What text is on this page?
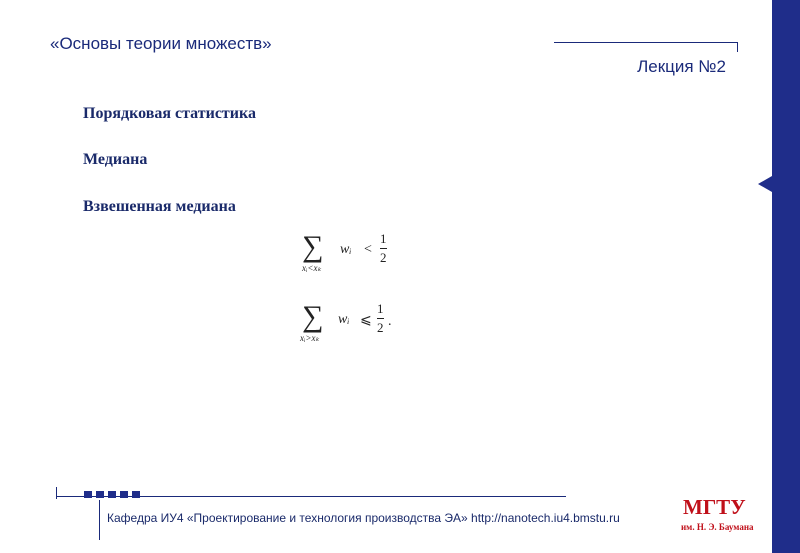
«Основы теории множеств»
Лекция №2
Порядковая статистика
Медиана
Взвешенная медиана
∑
xᵢ<xₖ
wᵢ <
1
2
∑
xᵢ>xₖ
wᵢ ⩽
1
2 .
Кафедра ИУ4 «Проектирование и технология производства ЭА» http://nanotech.iu4.bmstu.ru	МГТУ
им. Н. Э. Баумана
